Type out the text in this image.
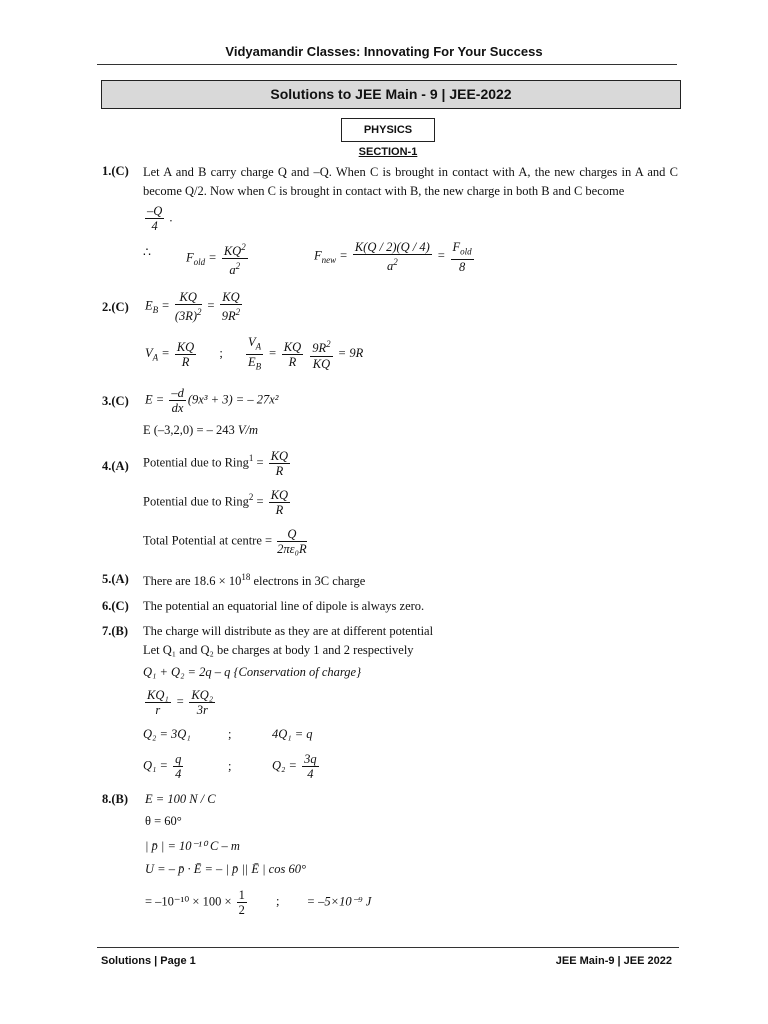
Vidyamandir Classes: Innovating For Your Success
Solutions to JEE Main - 9 | JEE-2022
PHYSICS
SECTION-1
1.(C) Let A and B carry charge Q and –Q. When C is brought in contact with A, the new charges in A and C become Q/2. Now when C is brought in contact with B, the new charge in both B and C become
$\frac{-Q}{4}$ .
∴	$F_{old} = \frac{KQ^2}{a^2}$	$F_{new} = \frac{K(Q / 2)(Q / 4)}{a^2} = \frac{F_{old}}{8}$
2.(C) $E_B = \frac{KQ}{(3R)^2} = \frac{KQ}{9R^2}$
$V_A = \frac{KQ}{R}$ ; $\frac{V_A}{E_B} = \frac{KQ}{R}$
$\frac{9R^2}{KQ} = 9R$
3.(C) $E = \frac{-d}{dx} (9x^3 + 3)$ = – 27x²
E (–3,2,0) = – 243 V/m
4.(A) Potential due to Ring$^1$ = $\frac{KQ}{R}$
Potential due to Ring$^2$ = $\frac{KQ}{R}$
Total Potential at centre = $\frac{Q}{\text{2πε₀R}}$
5.(A) There are $18.6 \times 10^{18}$ electrons in 3C charge
6.(C) The potential an equatorial line of dipole is always zero.
7.(B) The charge will distribute as they are at different potential
Let Q₁ and Q₂ be charges at body 1 and 2 respectively
Q₁ + Q₂ = 2q – q {Conservation of charge}
$\frac{\text{KQ₁}}{r} = \frac{\text{KQ₂}}{3r}$
Q₂ = 3Q₁	;	4Q₁ = q
$Q_1 = \frac{q}{4}$	;	$Q_2 = \frac{3q}{4}$
8.(B) E = 100 N / C
θ = 60°
| p̄ | = 10⁻¹⁰ C – m
U = – p̄ · Ē = – | p̄ || Ē | cos 60°
= $-10^{-10} \times 100 \times \frac{1}{2}$ ; = –5×10⁻⁹ J
Solutions | Page 1	JEE Main-9 | JEE 2022
